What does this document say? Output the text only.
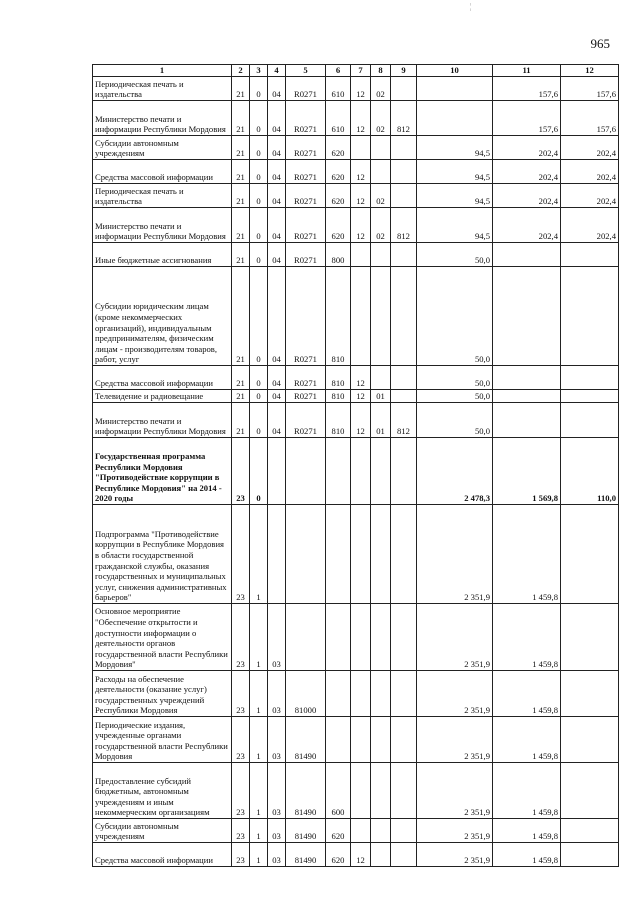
965
1	2	3	4	5	6	7	8	9	10	11	12
Периодическая печать и издательства	21	0	04	R0271	610	12	02			157,6	157,6
Министерство печати и информации Республики Мордовия	21	0	04	R0271	610	12	02	812		157,6	157,6
Субсидии автономным учреждениям	21	0	04	R0271	620				94,5	202,4	202,4
Средства массовой информации	21	0	04	R0271	620	12			94,5	202,4	202,4
Периодическая печать и издательства	21	0	04	R0271	620	12	02		94,5	202,4	202,4
Министерство печати и информации Республики Мордовия	21	0	04	R0271	620	12	02	812	94,5	202,4	202,4
Иные бюджетные ассигнования	21	0	04	R0271	800				50,0		
Субсидии юридическим лицам (кроме некоммерческих организаций), индивидуальным предпринимателям, физическим лицам - производителям товаров, работ, услуг	21	0	04	R0271	810				50,0		
Средства массовой информации	21	0	04	R0271	810	12			50,0		
Телевидение и радиовещание	21	0	04	R0271	810	12	01		50,0		
Министерство печати и информации Республики Мордовия	21	0	04	R0271	810	12	01	812	50,0		
Государственная программа Республики Мордовия "Противодействие коррупции в Республике Мордовия" на 2014 - 2020 годы	23	0							2 478,3	1 569,8	110,0
Подпрограмма "Противодействие коррупции в Республике Мордовия в области государственной гражданской службы, оказания государственных и муниципальных услуг, снижения административных барьеров"	23	1							2 351,9	1 459,8	
Основное мероприятие "Обеспечение открытости и доступности информации о деятельности органов государственной власти Республики Мордовия"	23	1	03						2 351,9	1 459,8	
Расходы на обеспечение деятельности (оказание услуг) государственных учреждений Республики Мордовия	23	1	03	81000					2 351,9	1 459,8	
Периодические издания, учрежденные органами государственной власти Республики Мордовия	23	1	03	81490					2 351,9	1 459,8	
Предоставление субсидий бюджетным, автономным учреждениям и иным некоммерческим организациям	23	1	03	81490	600				2 351,9	1 459,8	
Субсидии автономным учреждениям	23	1	03	81490	620				2 351,9	1 459,8	
Средства массовой информации	23	1	03	81490	620	12			2 351,9	1 459,8	
¦
